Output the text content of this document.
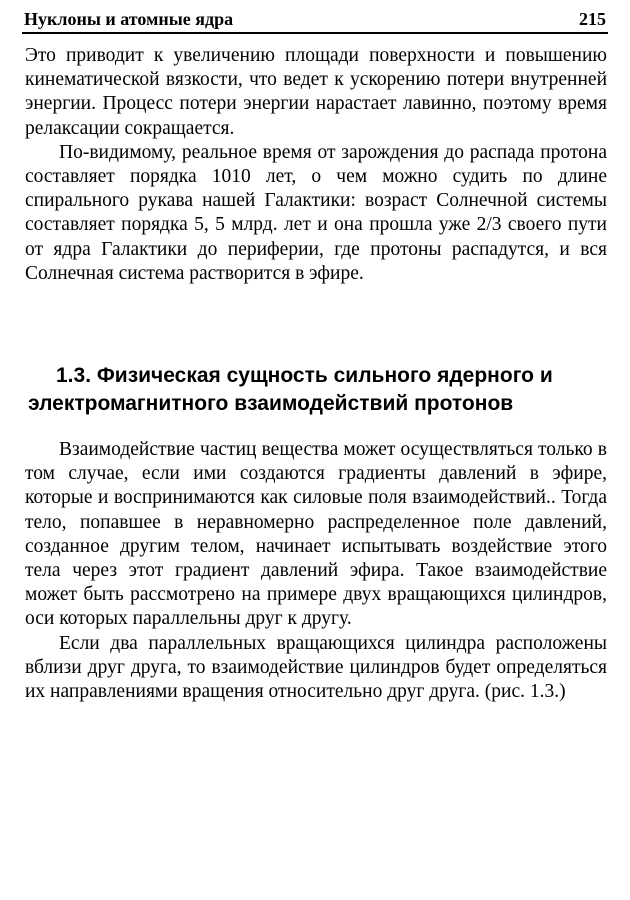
Нуклоны и атомные ядра	215

Это приводит к увеличению площади поверхности и повышению кинематической вязкости, что ведет к ускорению потери внутренней энергии. Процесс потери энергии нарастает лавинно, поэтому время релаксации сокращается.

По-видимому, реальное время от зарождения до распада протона составляет порядка 1010 лет, о чем можно судить по длине спирального рукава нашей Галактики: возраст Солнечной системы составляет порядка 5, 5 млрд. лет и она прошла уже 2/3 своего пути от ядра Галактики до периферии, где протоны распадутся, и вся Солнечная система растворится в эфире.

1.3. Физическая сущность сильного ядерного и
электромагнитного взаимодействий протонов

Взаимодействие частиц вещества может осуществляться только в том случае, если ими создаются градиенты давлений в эфире, которые и воспринимаются как силовые поля взаимодействий.. Тогда тело, попавшее в неравномерно распределенное поле давлений, созданное другим телом, начинает испытывать воздействие этого тела через этот градиент давлений эфира. Такое взаимодействие может быть рассмотрено на примере двух вращающихся цилиндров, оси которых параллельны друг к другу.

Если два параллельных вращающихся цилиндра расположены вблизи друг друга, то взаимодействие цилиндров будет определяться их направлениями вращения относительно друг друга. (рис. 1.3.)
